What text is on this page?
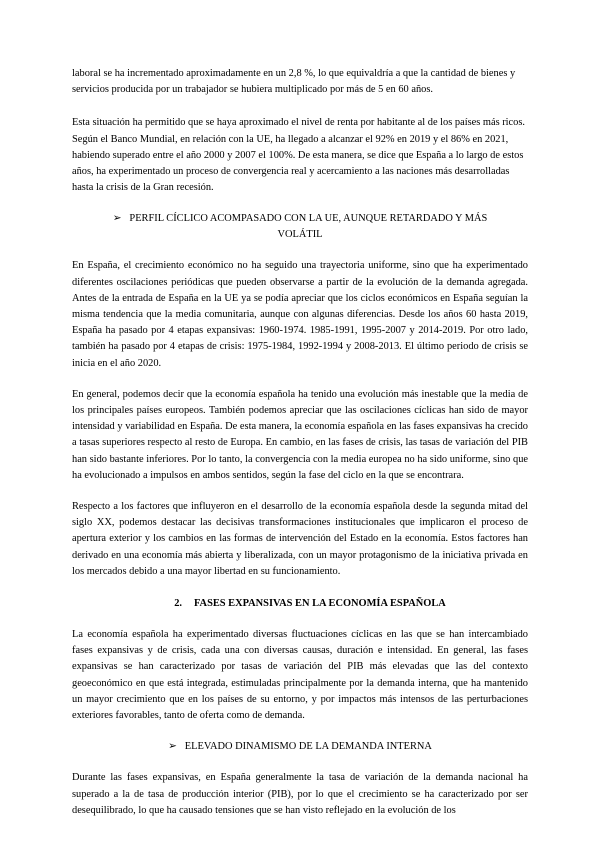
laboral se ha incrementado aproximadamente en un 2,8 %, lo que equivaldría a que la cantidad de bienes y servicios producida por un trabajador se hubiera multiplicado por más de 5 en 60 años.

Esta situación ha permitido que se haya aproximado el nivel de renta por habitante al de los países más ricos. Según el Banco Mundial, en relación con la UE, ha llegado a alcanzar el 92% en 2019 y el 86% en 2021, habiendo superado entre el año 2000 y 2007 el 100%. De esta manera, se dice que España a lo largo de estos años, ha experimentado un proceso de convergencia real y acercamiento a las naciones más desarrolladas hasta la crisis de la Gran recesión.

➢ PERFIL CÍCLICO ACOMPASADO CON LA UE, AUNQUE RETARDADO Y MÁS VOLÁTIL

En España, el crecimiento económico no ha seguido una trayectoria uniforme, sino que ha experimentado diferentes oscilaciones periódicas que pueden observarse a partir de la evolución de la demanda agregada. Antes de la entrada de España en la UE ya se podía apreciar que los ciclos económicos en España seguían la misma tendencia que la media comunitaria, aunque con algunas diferencias. Desde los años 60 hasta 2019, España ha pasado por 4 etapas expansivas: 1960-1974. 1985-1991, 1995-2007 y 2014-2019. Por otro lado, también ha pasado por 4 etapas de crisis: 1975-1984, 1992-1994 y 2008-2013. El último periodo de crisis se inicia en el año 2020.

En general, podemos decir que la economía española ha tenido una evolución más inestable que la media de los principales países europeos. También podemos apreciar que las oscilaciones cíclicas han sido de mayor intensidad y variabilidad en España. De esta manera, la economía española en las fases expansivas ha crecido a tasas superiores respecto al resto de Europa. En cambio, en las fases de crisis, las tasas de variación del PIB han sido bastante inferiores. Por lo tanto, la convergencia con la media europea no ha sido uniforme, sino que ha evolucionado a impulsos en ambos sentidos, según la fase del ciclo en la que se encontrara.

Respecto a los factores que influyeron en el desarrollo de la economía española desde la segunda mitad del siglo XX, podemos destacar las decisivas transformaciones institucionales que implicaron el proceso de apertura exterior y los cambios en las formas de intervención del Estado en la economía. Estos factores han derivado en una economía más abierta y liberalizada, con un mayor protagonismo de la iniciativa privada en los mercados debido a una mayor libertad en su funcionamiento.

2. FASES EXPANSIVAS EN LA ECONOMÍA ESPAÑOLA

La economía española ha experimentado diversas fluctuaciones cíclicas en las que se han intercambiado fases expansivas y de crisis, cada una con diversas causas, duración e intensidad. En general, las fases expansivas se han caracterizado por tasas de variación del PIB más elevadas que las del contexto geoeconómico en que está integrada, estimuladas principalmente por la demanda interna, que ha mantenido un mayor crecimiento que en los países de su entorno, y por impactos más intensos de las perturbaciones exteriores favorables, tanto de oferta como de demanda.

➢ ELEVADO DINAMISMO DE LA DEMANDA INTERNA

Durante las fases expansivas, en España generalmente la tasa de variación de la demanda nacional ha superado a la de tasa de producción interior (PIB), por lo que el crecimiento se ha caracterizado por ser desequilibrado, lo que ha causado tensiones que se han visto reflejado en la evolución de los
